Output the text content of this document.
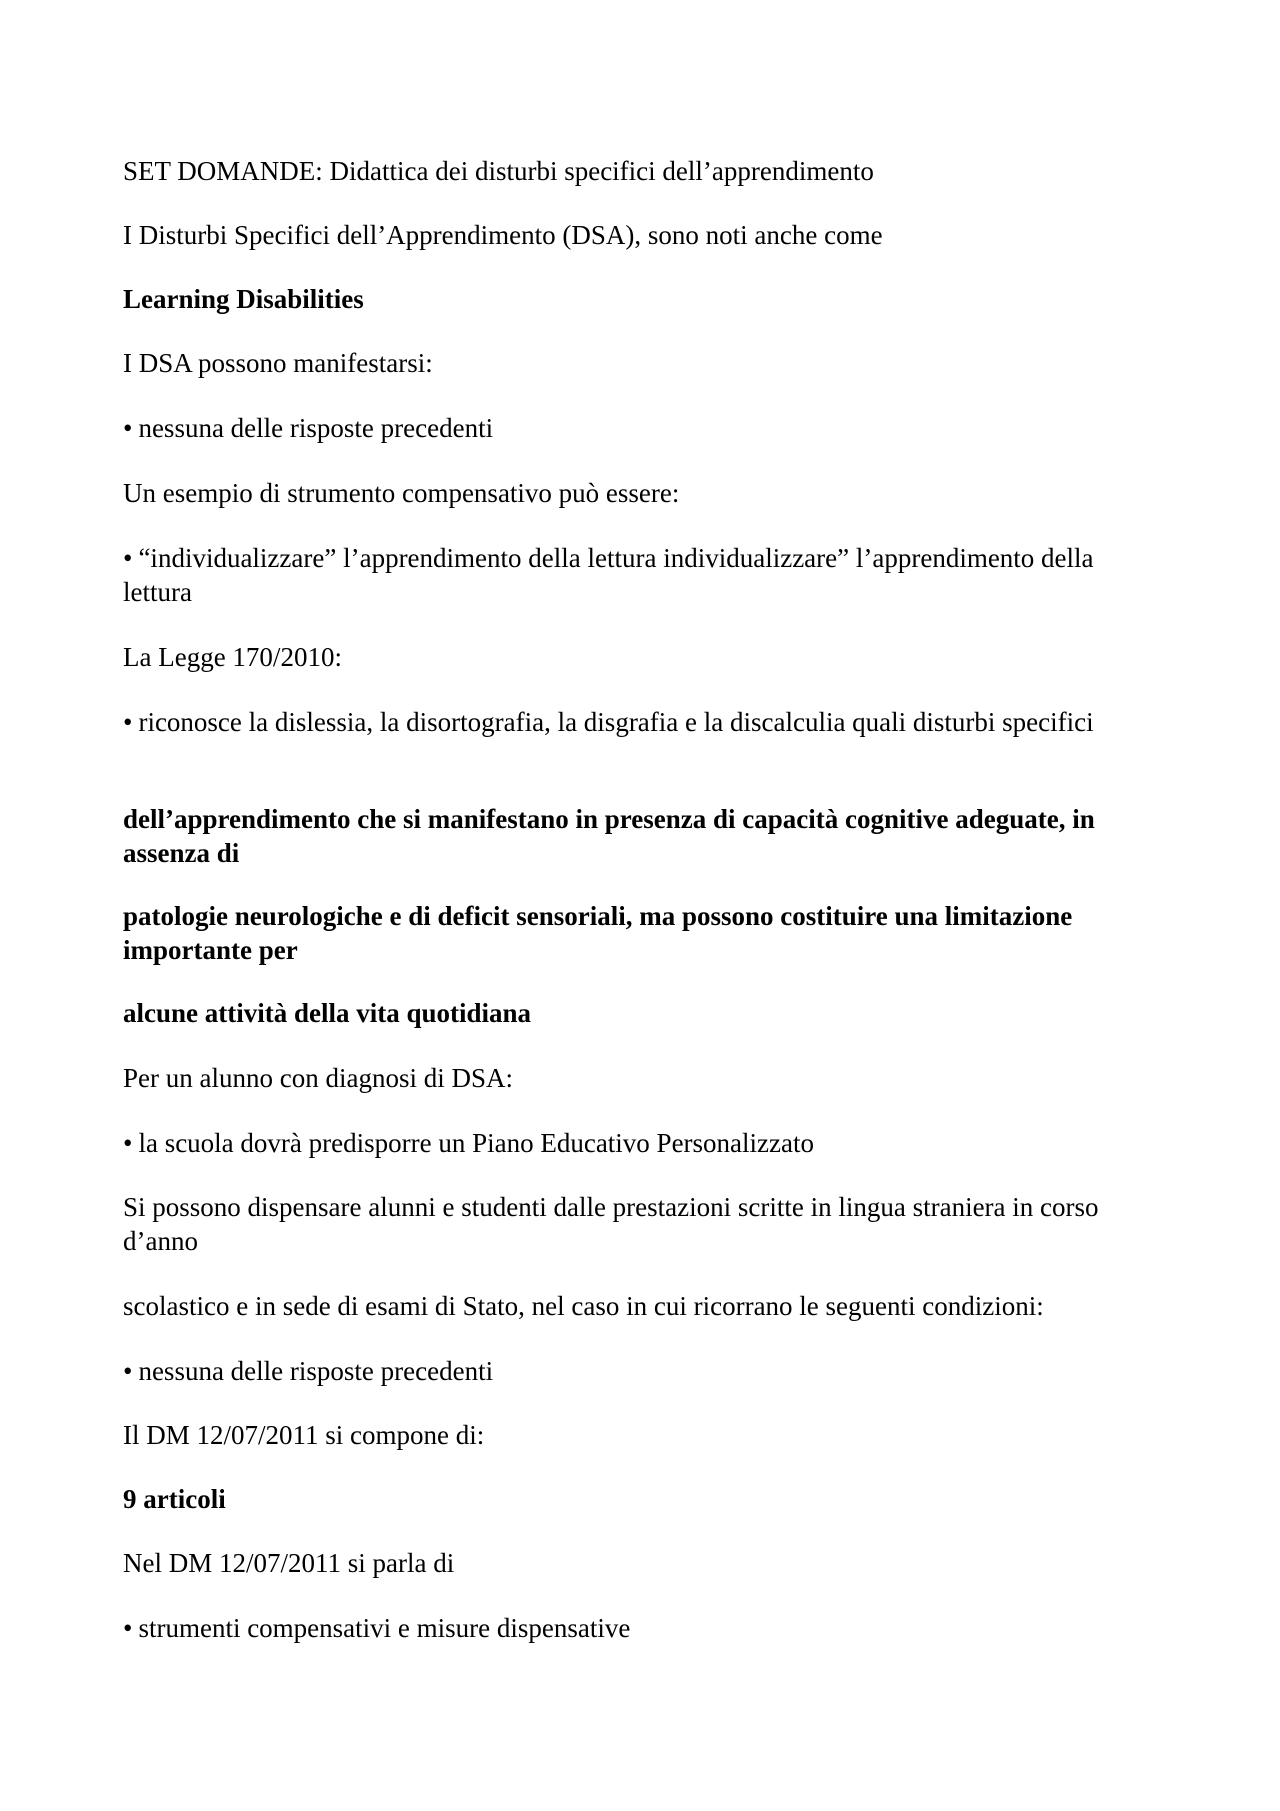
SET DOMANDE: Didattica dei disturbi specifici dell’apprendimento
I Disturbi Specifici dell’Apprendimento (DSA), sono noti anche come
Learning Disabilities
I DSA possono manifestarsi:
• nessuna delle risposte precedenti
Un esempio di strumento compensativo può essere:
• “individualizzare” l’apprendimento della lettura individualizzare” l’apprendimento della lettura
La Legge 170/2010:
• riconosce la dislessia, la disortografia, la disgrafia e la discalculia quali disturbi specifici
dell’apprendimento che si manifestano in presenza di capacità cognitive adeguate, in assenza di
patologie neurologiche e di deficit sensoriali, ma possono costituire una limitazione importante per
alcune attività della vita quotidiana
Per un alunno con diagnosi di DSA:
• la scuola dovrà predisporre un Piano Educativo Personalizzato
Si possono dispensare alunni e studenti dalle prestazioni scritte in lingua straniera in corso d’anno
scolastico e in sede di esami di Stato, nel caso in cui ricorrano le seguenti condizioni:
• nessuna delle risposte precedenti
Il DM 12/07/2011 si compone di:
9 articoli
Nel DM 12/07/2011 si parla di
• strumenti compensativi e misure dispensative
